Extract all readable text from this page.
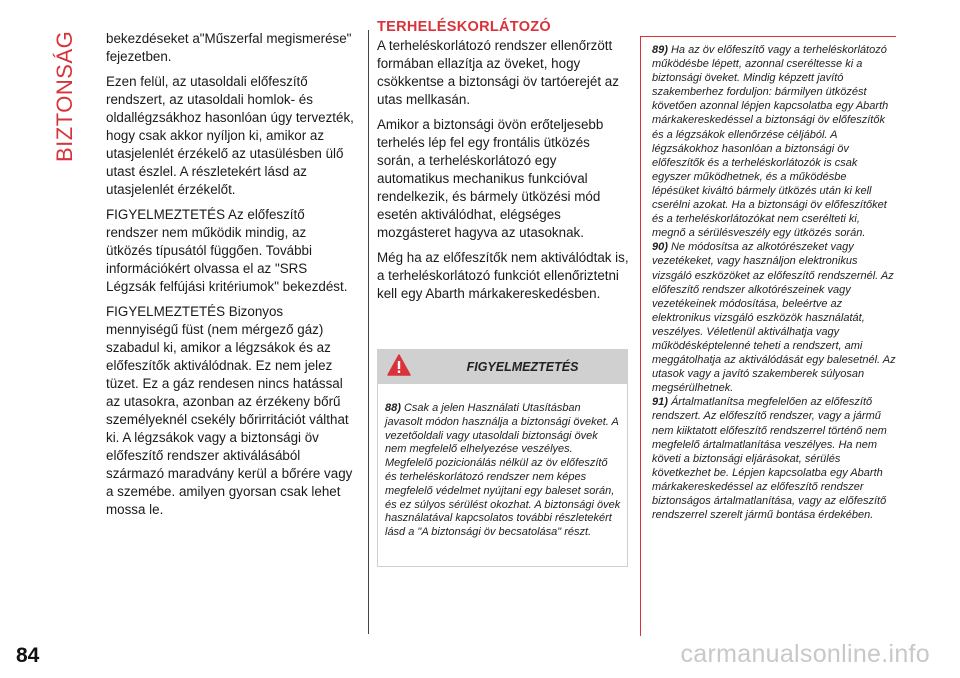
BIZTONSÁG bekezdéseket a"Műszerfal megismerése" fejezetben.

Ezen felül, az utasoldali előfeszítő rendszert, az utasoldali homlok- és oldallégzsákhoz hasonlóan úgy tervezték, hogy csak akkor nyíljon ki, amikor az utasjelenlét érzékelő az utasülésben ülő utast észlel. A részletekért lásd az utasjelenlét érzékelőt.

FIGYELMEZTETÉS Az előfeszítő rendszer nem működik mindig, az ütközés típusától függően. További információkért olvassa el az "SRS Légzsák felfújási kritériumok" bekezdést.

FIGYELMEZTETÉS Bizonyos mennyiségű füst (nem mérgező gáz) szabadul ki, amikor a légzsákok és az előfeszítők aktiválódnak. Ez nem jelez tüzet. Ez a gáz rendesen nincs hatással az utasokra, azonban az érzékeny bőrű személyeknél csekély bőrirritációt válthat ki. A légzsákok vagy a biztonsági öv előfeszítő rendszer aktiválásából származó maradvány kerül a bőrére vagy a szemébe. amilyen gyorsan csak lehet mossa le.

TERHELÉSKORLÁTOZÓ

A terheléskorlátozó rendszer ellenőrzött formában ellazítja az öveket, hogy csökkentse a biztonsági öv tartóerejét az utas mellkasán.

Amikor a biztonsági övön erőteljesebb terhelés lép fel egy frontális ütközés során, a terheléskorlátozó egy automatikus mechanikus funkcióval rendelkezik, és bármely ütközési mód esetén aktiválódhat, elégséges mozgásteret hagyva az utasoknak.

Még ha az előfeszítők nem aktiválódtak is, a terheléskorlátozó funkciót ellenőriztetni kell egy Abarth márkakereskedésben.

FIGYELMEZTETÉS
88) Csak a jelen Használati Utasításban javasolt módon használja a biztonsági öveket. A vezetőoldali vagy utasoldali biztonsági övek nem megfelelő elhelyezése veszélyes. Megfelelő pozicionálás nélkül az öv előfeszítő és terheléskorlátozó rendszer nem képes megfelelő védelmet nyújtani egy baleset során, és ez súlyos sérülést okozhat. A biztonsági övek használatával kapcsolatos további részletekért lásd a "A biztonsági öv becsatolása" részt.

89) Ha az öv előfeszítő vagy a terheléskorlátozó működésbe lépett, azonnal cseréltesse ki a biztonsági öveket. Mindig képzett javító szakemberhez forduljon: bármilyen ütközést követően azonnal lépjen kapcsolatba egy Abarth márkakereskedéssel a biztonsági öv előfeszítők és a légzsákok ellenőrzése céljából. A légzsákokhoz hasonlóan a biztonsági öv előfeszítők és a terheléskorlátozók is csak egyszer működhetnek, és a működésbe lépésüket kiváltó bármely ütközés után ki kell cserélni azokat. Ha a biztonsági öv előfeszítőket és a terheléskorlátozókat nem cserélteti ki, megnő a sérülésveszély egy ütközés során.

90) Ne módosítsa az alkotórészeket vagy vezetékeket, vagy használjon elektronikus vizsgáló eszközöket az előfeszítő rendszernél. Az előfeszítő rendszer alkotórészeinek vagy vezetékeinek módosítása, beleértve az elektronikus vizsgáló eszközök használatát, veszélyes. Véletlenül aktiválhatja vagy működésképtelenné teheti a rendszert, ami meggátolhatja az aktiválódását egy balesetnél. Az utasok vagy a javító szakemberek súlyosan megsérülhetnek.

91) Ártalmatlanítsa megfelelően az előfeszítő rendszert. Az előfeszítő rendszer, vagy a jármű nem kiiktatott előfeszítő rendszerrel történő nem megfelelő ártalmatlanítása veszélyes. Ha nem követi a biztonsági eljárásokat, sérülés következhet be. Lépjen kapcsolatba egy Abarth márkakereskedéssel az előfeszítő rendszer biztonságos ártalmatlanítása, vagy az előfeszítő rendszerrel szerelt jármű bontása érdekében.

84	carmanualsonline.info
